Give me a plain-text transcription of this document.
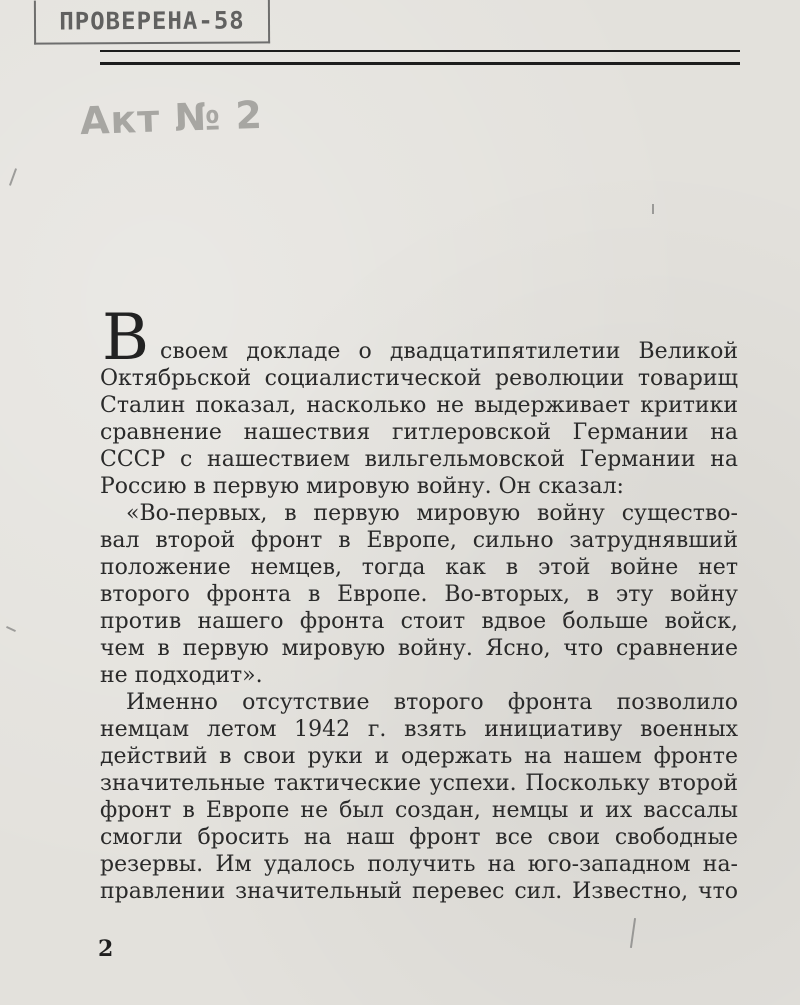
ПРОВЕРЕНА-58
Акт № 2
В своем докладе о двадцатипятилетии Великой
Октябрьской социалистической революции товарищ
Сталин показал, насколько не выдерживает критики
сравнение нашествия гитлеровской Германии на
СССР с нашествием вильгельмовской Германии на
Россию в первую мировую войну. Он сказал:
«Во-первых, в первую мировую войну существо-
вал второй фронт в Европе, сильно затруднявший
положение немцев, тогда как в этой войне нет
второго фронта в Европе. Во-вторых, в эту войну
против нашего фронта стоит вдвое больше войск,
чем в первую мировую войну. Ясно, что сравнение
не подходит».
Именно отсутствие второго фронта позволило
немцам летом 1942 г. взять инициативу военных
действий в свои руки и одержать на нашем фронте
значительные тактические успехи. Поскольку второй
фронт в Европе не был создан, немцы и их вассалы
смогли бросить на наш фронт все свои свободные
резервы. Им удалось получить на юго-западном на-
правлении значительный перевес сил. Известно, что
2
